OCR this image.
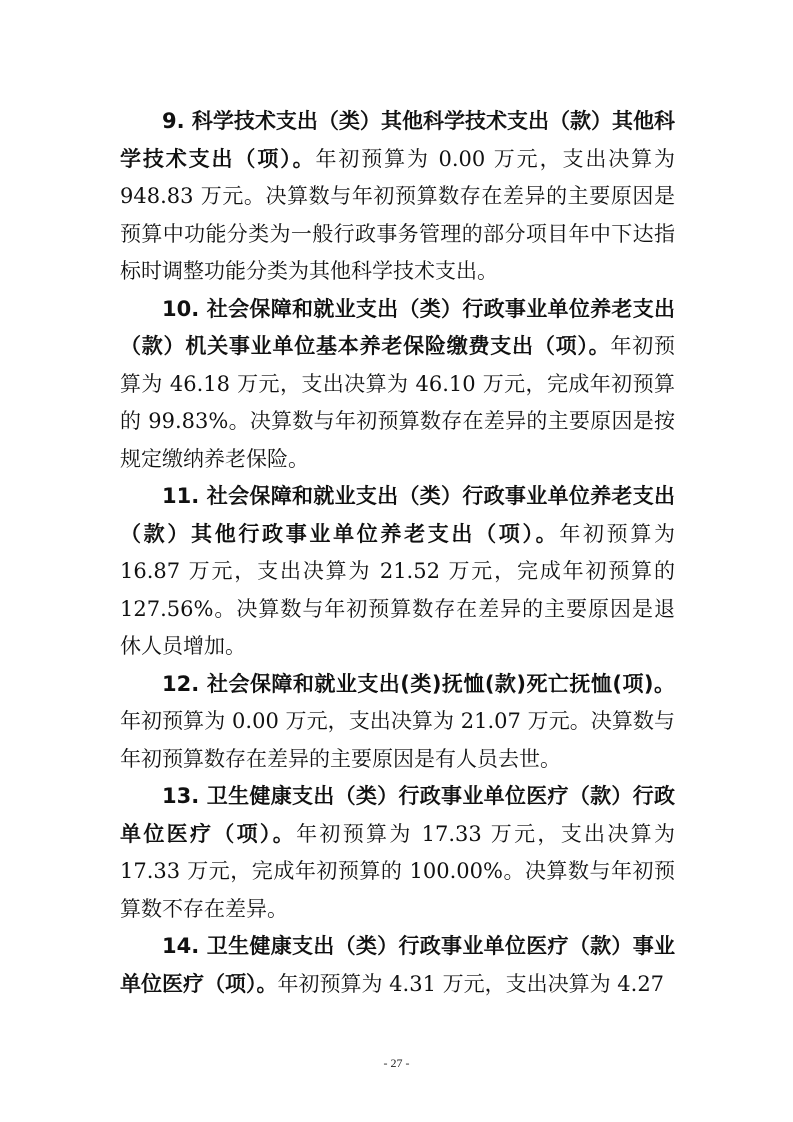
9. 科学技术支出（类）其他科学技术支出（款）其他科学技术支出（项）。年初预算为 0.00 万元，支出决算为 948.83 万元。决算数与年初预算数存在差异的主要原因是预算中功能分类为一般行政事务管理的部分项目年中下达指标时调整功能分类为其他科学技术支出。

10. 社会保障和就业支出（类）行政事业单位养老支出（款）机关事业单位基本养老保险缴费支出（项）。年初预算为 46.18 万元，支出决算为 46.10 万元，完成年初预算的 99.83%。决算数与年初预算数存在差异的主要原因是按规定缴纳养老保险。

11. 社会保障和就业支出（类）行政事业单位养老支出（款）其他行政事业单位养老支出（项）。年初预算为 16.87 万元，支出决算为 21.52 万元，完成年初预算的 127.56%。决算数与年初预算数存在差异的主要原因是退休人员增加。

12. 社会保障和就业支出(类)抚恤(款)死亡抚恤(项)。年初预算为 0.00 万元，支出决算为 21.07 万元。决算数与年初预算数存在差异的主要原因是有人员去世。

13. 卫生健康支出（类）行政事业单位医疗（款）行政单位医疗（项）。年初预算为 17.33 万元，支出决算为 17.33 万元，完成年初预算的 100.00%。决算数与年初预算数不存在差异。

14. 卫生健康支出（类）行政事业单位医疗（款）事业单位医疗（项）。年初预算为 4.31 万元，支出决算为 4.27

- 27 -
